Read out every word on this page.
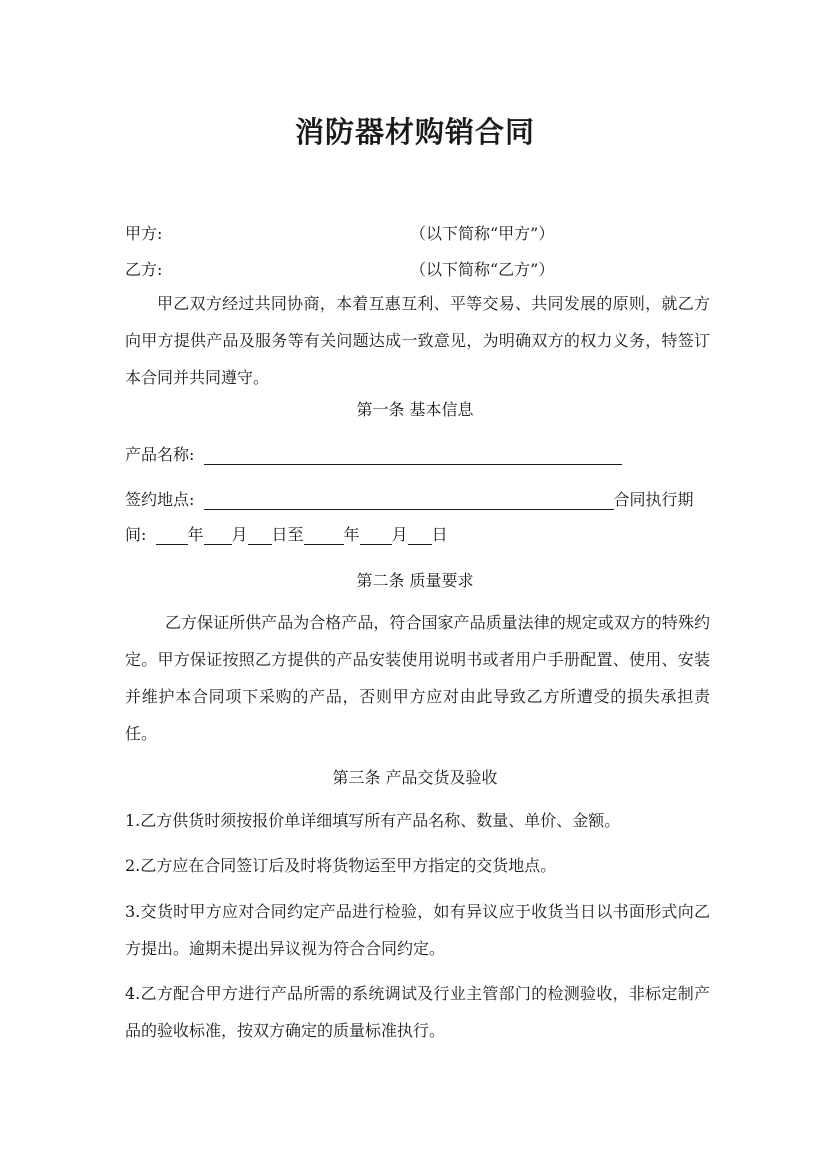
消防器材购销合同
甲方:	（以下简称“甲方”）
乙方:	（以下简称“乙方”）
甲乙双方经过共同协商，本着互惠互利、平等交易、共同发展的原则，就乙方向甲方提供产品及服务等有关问题达成一致意见，为明确双方的权力义务，特签订本合同并共同遵守。
第一条 基本信息
产品名称:
签约地点:	合同执行期
间:	年 月 日至	年 月 日
第二条 质量要求
乙方保证所供产品为合格产品，符合国家产品质量法律的规定或双方的特殊约定。甲方保证按照乙方提供的产品安装使用说明书或者用户手册配置、使用、安装并维护本合同项下采购的产品，否则甲方应对由此导致乙方所遭受的损失承担责任。
第三条 产品交货及验收
1.乙方供货时须按报价单详细填写所有产品名称、数量、单价、金额。
2.乙方应在合同签订后及时将货物运至甲方指定的交货地点。
3.交货时甲方应对合同约定产品进行检验，如有异议应于收货当日以书面形式向乙方提出。逾期未提出异议视为符合合同约定。
4.乙方配合甲方进行产品所需的系统调试及行业主管部门的检测验收，非标定制产品的验收标准，按双方确定的质量标准执行。
